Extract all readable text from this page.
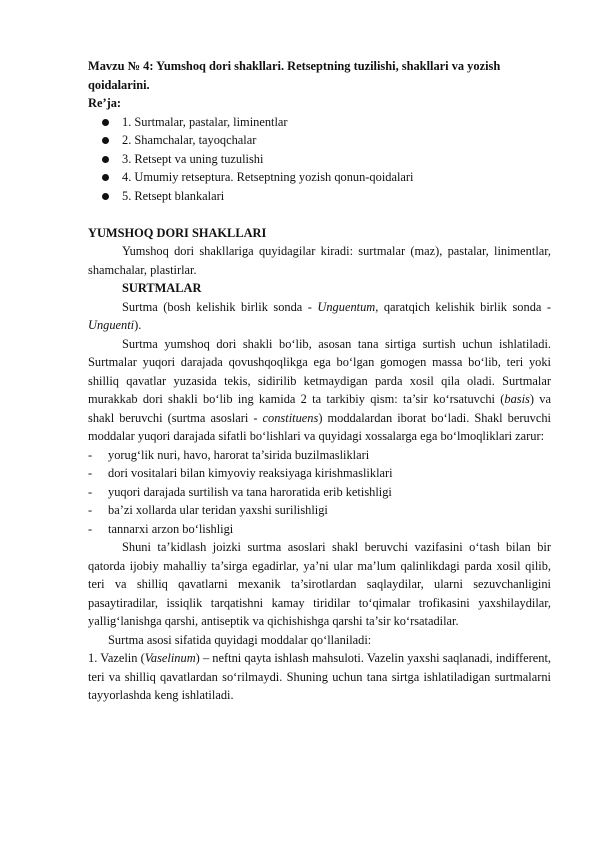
Mavzu № 4: Yumshoq dori shakllari. Retseptning tuzilishi, shakllari va yozish qoidalarini.

Re’ja:

1. Surtmalar, pastalar, liminentlar
2. Shamchalar, tayoqchalar
3. Retsept va uning tuzulishi
4. Umumiy retseptura. Retseptning yozish qonun-qoidalari
5. Retsept blankalari

YUMSHOQ DORI SHAKLLARI

Yumshoq dori shakllariga quyidagilar kiradi: surtmalar (maz), pastalar, linimentlar, shamchalar, plastirlar.

SURTMALAR

Surtma (bosh kelishik birlik sonda - Unguentum, qaratqich kelishik birlik sonda - Unguenti).

Surtma yumshoq dori shakli bo‘lib, asosan tana sirtiga surtish uchun ishlatiladi. Surtmalar yuqori darajada qovushqoqlikga ega bo‘lgan gomogen massa bo‘lib, teri yoki shilliq qavatlar yuzasida tekis, sidirilib ketmaydigan parda xosil qila oladi. Surtmalar murakkab dori shakli bo‘lib ing kamida 2 ta tarkibiy qism: ta’sir ko‘rsatuvchi (basis) va shakl beruvchi (surtma asoslari - constituens) moddalardan iborat bo‘ladi. Shakl beruvchi moddalar yuqori darajada sifatli bo‘lishlari va quyidagi xossalarga ega bo‘lmoqliklari zarur:

- yorug‘lik nuri, havo, harorat ta’sirida buzilmasliklari
- dori vositalari bilan kimyoviy reaksiyaga kirishmasliklari
- yuqori darajada surtilish va tana haroratida erib ketishligi
- ba’zi xollarda ular teridan yaxshi surilishligi
- tannarxi arzon bo‘lishligi

Shuni ta’kidlash joizki surtma asoslari shakl beruvchi vazifasini o‘tash bilan bir qatorda ijobiy mahalliy ta’sirga egadirlar, ya’ni ular ma’lum qalinlikdagi parda xosil qilib, teri va shilliq qavatlarni mexanik ta’sirotlardan saqlaydilar, ularni sezuvchanligini pasaytiradilar, issiqlik tarqatishni kamay tiridilar to‘qimalar trofikasini yaxshilaydilar, yallig‘lanishga qarshi, antiseptik va qichishishga qarshi ta’sir ko‘rsatadilar.

Surtma asosi sifatida quyidagi moddalar qo‘llaniladi:

1. Vazelin (Vaselinum) – neftni qayta ishlash mahsuloti. Vazelin yaxshi saqlanadi, indifferent, teri va shilliq qavatlardan so‘rilmaydi. Shuning uchun tana sirtga ishlatiladigan surtmalarni tayyorlashda keng ishlatiladi.
